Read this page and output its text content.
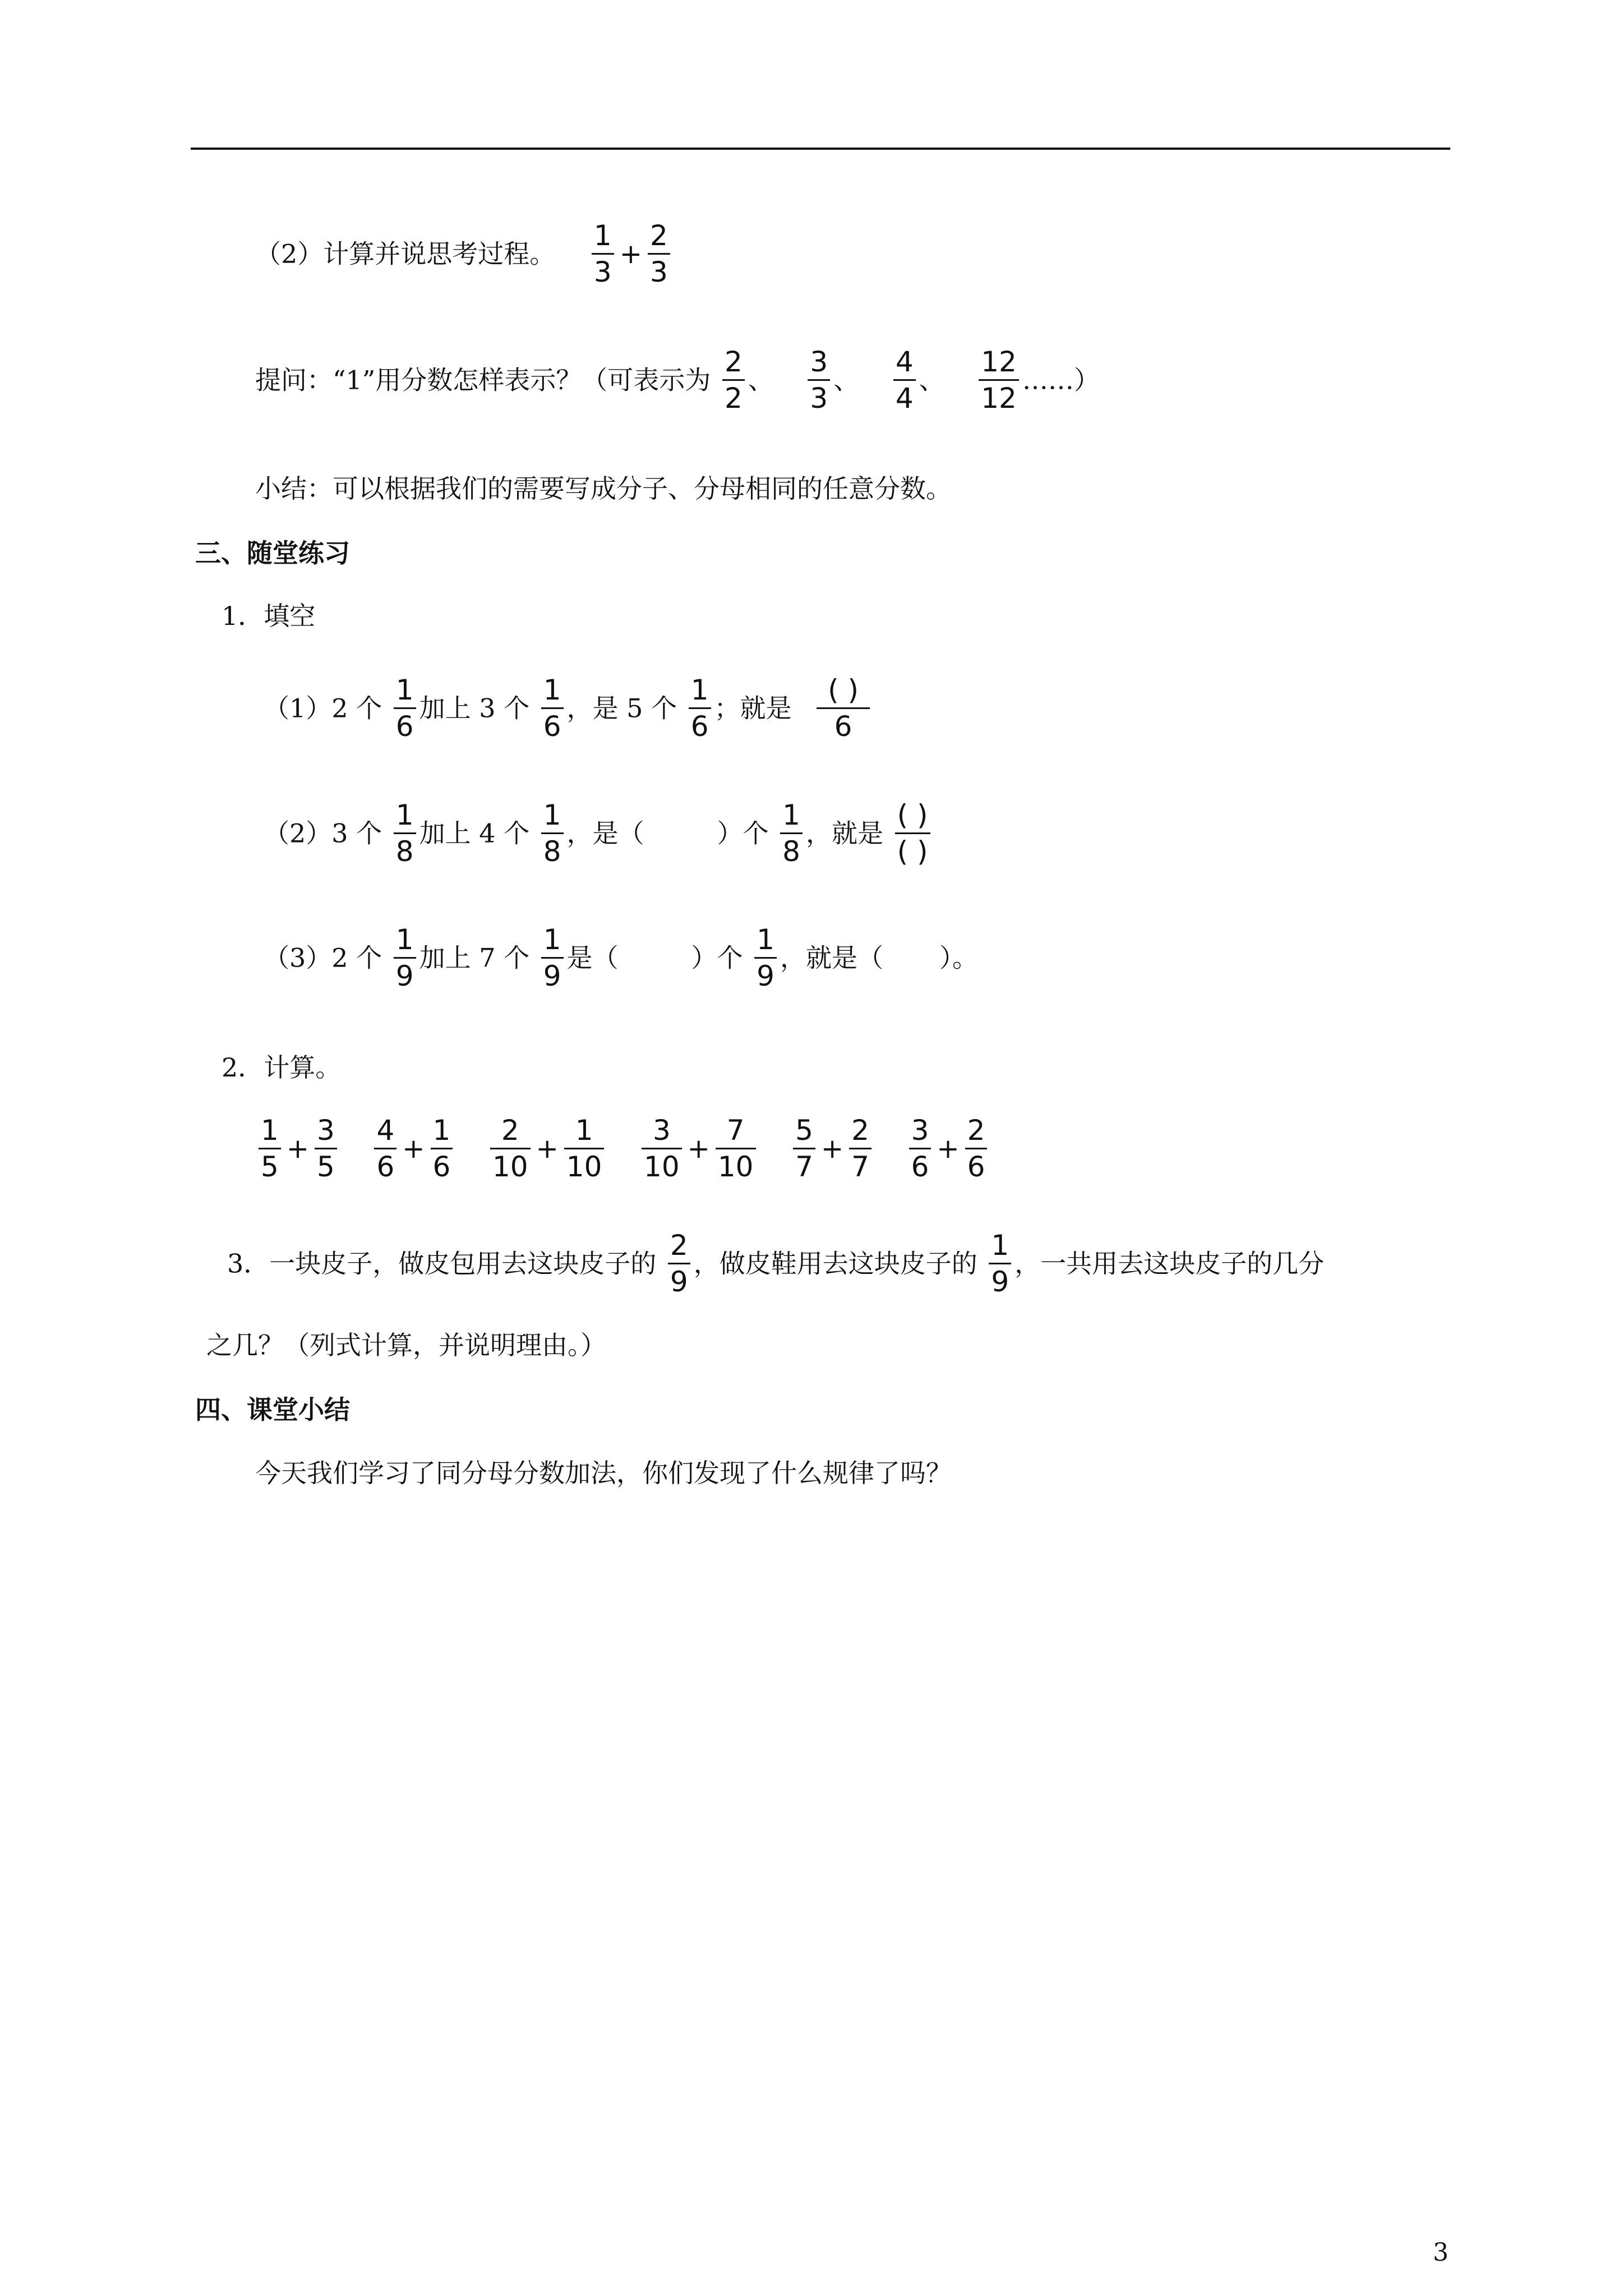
（2）计算并说思考过程。 $\frac{1}{3} + \frac{2}{3}$
提问：“1”用分数怎样表示？（可表示为 $\frac{2}{2}$ 、 $\frac{3}{3}$ 、 $\frac{4}{4}$ 、 $\frac{12}{12}$ ……）
小结：可以根据我们的需要写成分子、分母相同的任意分数。
三、随堂练习
1．填空
（1）2 个 $\frac{1}{6}$ 加上 3 个 $\frac{1}{6}$ ，是 5 个 $\frac{1}{6}$ ；就是 $\frac{( )}{6}$
（2）3 个 $\frac{1}{8}$ 加上 4 个 $\frac{1}{8}$ ，是（	）个 $\frac{1}{8}$ ，就是 $\frac{( )}{( )}$
（3）2 个 $\frac{1}{9}$ 加上 7 个 $\frac{1}{9}$ 是（	）个 $\frac{1}{9}$ ，就是（ ）。
2．计算。
$\frac{1}{5} + \frac{3}{5}$
$\frac{4}{6} + \frac{1}{6}$
$\frac{2}{10} + \frac{1}{10}$
$\frac{3}{10} + \frac{7}{10}$
$\frac{5}{7} + \frac{2}{7}$
$\frac{3}{6} + \frac{2}{6}$
3．一块皮子，做皮包用去这块皮子的 $\frac{2}{9}$ ，做皮鞋用去这块皮子的 $\frac{1}{9}$ ，一共用去这块皮子的几分
之几？（列式计算，并说明理由。）
四、课堂小结
今天我们学习了同分母分数加法，你们发现了什么规律了吗？
3
